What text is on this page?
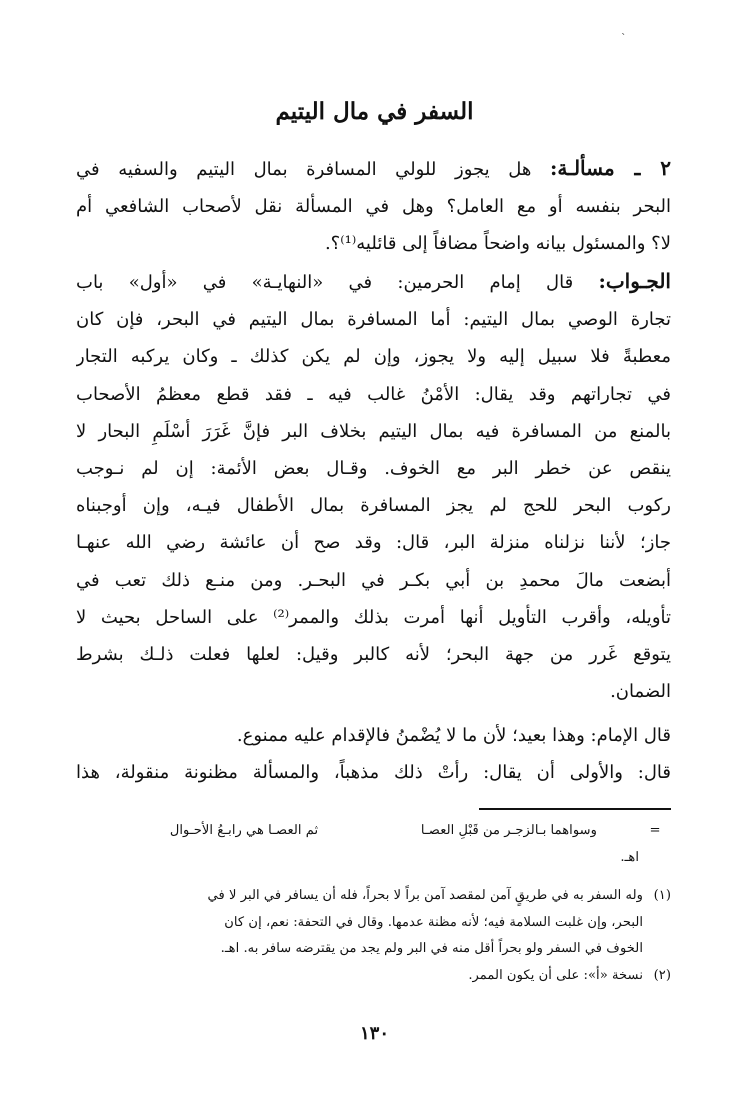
`
السفر في مال اليتيم
٢ ـ مسألـة: هل يجوز للولي المسافرة بمال اليتيم والسفيه في
البحر بنفسه أو مع العامل؟ وهل في المسألة نقل لأصحاب الشافعي أم
لا؟ والمسئول بيانه واضحاً مضافاً إلى قائليه⁽¹⁾؟.
الجـواب: قال إمام الحرمين: في «النهايـة» في «أول» باب
تجارة الوصي بمال اليتيم: أما المسافرة بمال اليتيم في البحر، فإن كان
معطبةً فلا سبيل إليه ولا يجوز، وإن لم يكن كذلك ـ وكان يركبه التجار
في تجاراتهم وقد يقال: الأمْنُ غالب فيه ـ فقد قطع معظمُ الأصحاب
بالمنع من المسافرة فيه بمال اليتيم بخلاف البر فإنَّ غَرَرَ أسْلَمِ البحار لا
ينقص عن خطر البر مع الخوف. وقـال بعض الأئمة: إن لم نـوجب
ركوب البحر للحج لم يجز المسافرة بمال الأطفال فيـه، وإن أوجبناه
جاز؛ لأننا نزلناه منزلة البر، قال: وقد صح أن عائشة رضي الله عنهـا
أبضعت مالَ محمدِ بن أبي بكـر في البحـر. ومن منـع ذلك تعب في
تأويله، وأقرب التأويل أنها أمرت بذلك والممر⁽²⁾ على الساحل بحيث لا
يتوقع غَرر من جهة البحر؛ لأنه كالبر وقيل: لعلها فعلت ذلـك بشرط
الضمان.
قال الإمام: وهذا بعيد؛ لأن ما لا يُضْمنُ فالإقدام عليه ممنوع.
قال: والأولى أن يقال: رأتْ ذلك مذهباً، والمسألة مظنونة منقولة، هذا
=
وسواهما بـالزجـر من قَبْلِ العصـا
ثم العصـا هي رابـعُ الأحـوال
اهـ.
(١)وله السفر به في طريقٍ آمن لمقصد آمن براً لا بحراً، فله أن يسافر في البر لا في
البحر، وإن غلبت السلامة فيه؛ لأنه مظنة عدمها. وقال في التحفة: نعم، إن كان
الخوف في السفر ولو بحراً أقل منه في البر ولم يجد من يقترضه سافر به. اهـ.
(٢)نسخة «أ»: على أن يكون الممر.
١٣٠
